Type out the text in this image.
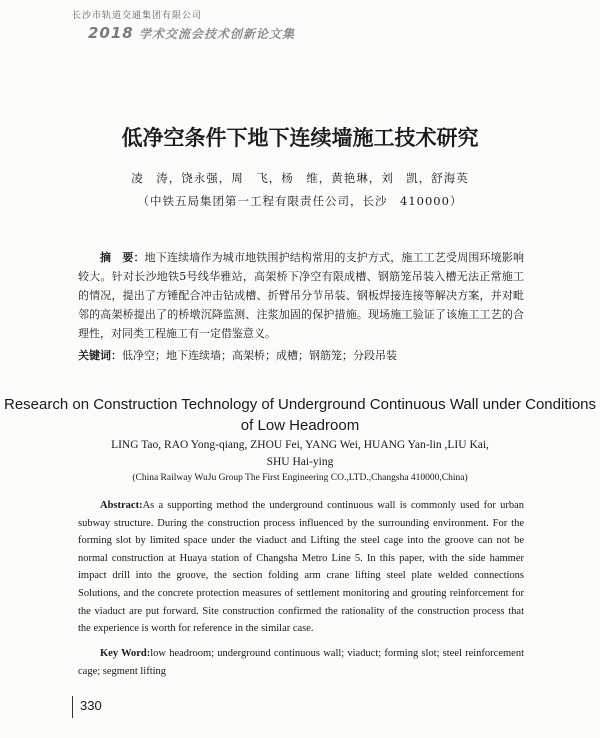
长沙市轨道交通集团有限公司
2018 学术交流会技术创新论文集
低净空条件下地下连续墙施工技术研究
凌　涛，饶永强，周　飞，杨　维，黄艳琳，刘　凯，舒海英
（中铁五局集团第一工程有限责任公司，长沙　410000）

摘　要：地下连续墙作为城市地铁围护结构常用的支护方式，施工工艺受周围环境影响较大。针对长沙地铁5号线华雅站，高架桥下净空有限成槽、钢筋笼吊装入槽无法正常施工的情况，提出了方锤配合冲击钻成槽、折臂吊分节吊装、钢板焊接连接等解决方案，并对毗邻的高架桥提出了的桥墩沉降监测、注浆加固的保护措施。现场施工验证了该施工工艺的合理性，对同类工程施工有一定借鉴意义。

关键词：低净空；地下连续墙；高架桥；成槽；钢筋笼；分段吊装

Research on Construction Technology of Underground Continuous Wall under Conditions of Low Headroom
LING Tao, RAO Yong-qiang, ZHOU Fei, YANG Wei, HUANG Yan-lin ,LIU Kai, SHU Hai-ying
(China Railway WuJu Group The First Engineering CO.,LTD.,Changsha 410000,China)

Abstract:As a supporting method the underground continuous wall is commonly used for urban subway structure. During the construction process influenced by the surrounding environment. For the forming slot by limited space under the viaduct and Lifting the steel cage into the groove can not be normal construction at Huaya station of Changsha Metro Line 5. In this paper, with the side hammer impact drill into the groove, the section folding arm crane lifting steel plate welded connections Solutions, and the concrete protection measures of settlement monitoring and grouting reinforcement for the viaduct are put forward. Site construction confirmed the rationality of the construction process that the experience is worth for reference in the similar case.

Key Word:low headroom; underground continuous wall; viaduct; forming slot; steel reinforcement cage; segment lifting

330
